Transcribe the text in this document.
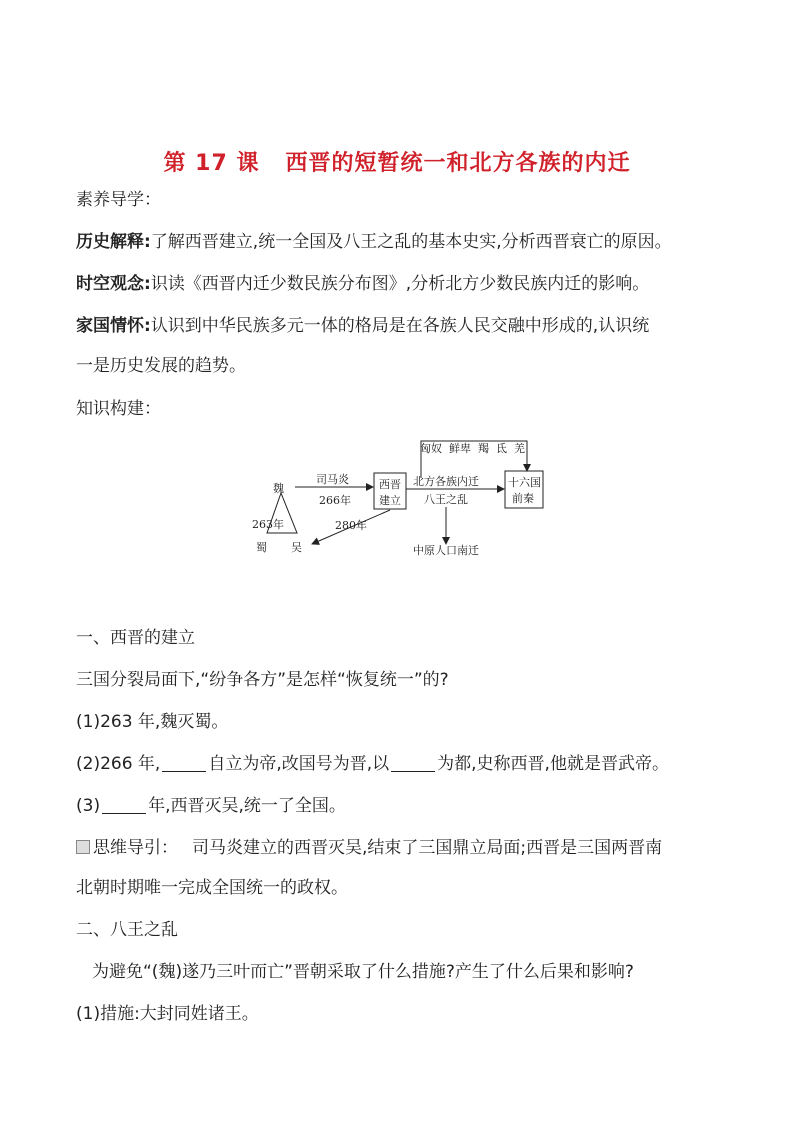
第 17 课 西晋的短暂统一和北方各族的内迁
素养导学：
历史解释:了解西晋建立,统一全国及八王之乱的基本史实,分析西晋衰亡的原因。
时空观念:识读《西晋内迁少数民族分布图》,分析北方少数民族内迁的影响。
家国情怀:认识到中华民族多元一体的格局是在各族人民交融中形成的,认识统
一是历史发展的趋势。
知识构建：
魏
263年
蜀 吴
司马炎
266年
西晋
建立
280年
北方各族内迁
八王之乱
匈奴  鲜卑  羯  氐  羌
十六国
前秦
中原人口南迁
一、西晋的建立
三国分裂局面下,“纷争各方”是怎样“恢复统一”的?
(1)263 年,魏灭蜀。
(2)266 年,	自立为帝,改国号为晋,以	为都,史称西晋,他就是晋武帝。
(3)	年,西晋灭吴,统一了全国。
思维导引： 司马炎建立的西晋灭吴,结束了三国鼎立局面;西晋是三国两晋南
北朝时期唯一完成全国统一的政权。
二、八王之乱
为避免“(魏)遂乃三叶而亡”晋朝采取了什么措施?产生了什么后果和影响?
(1)措施:大封同姓诸王。
